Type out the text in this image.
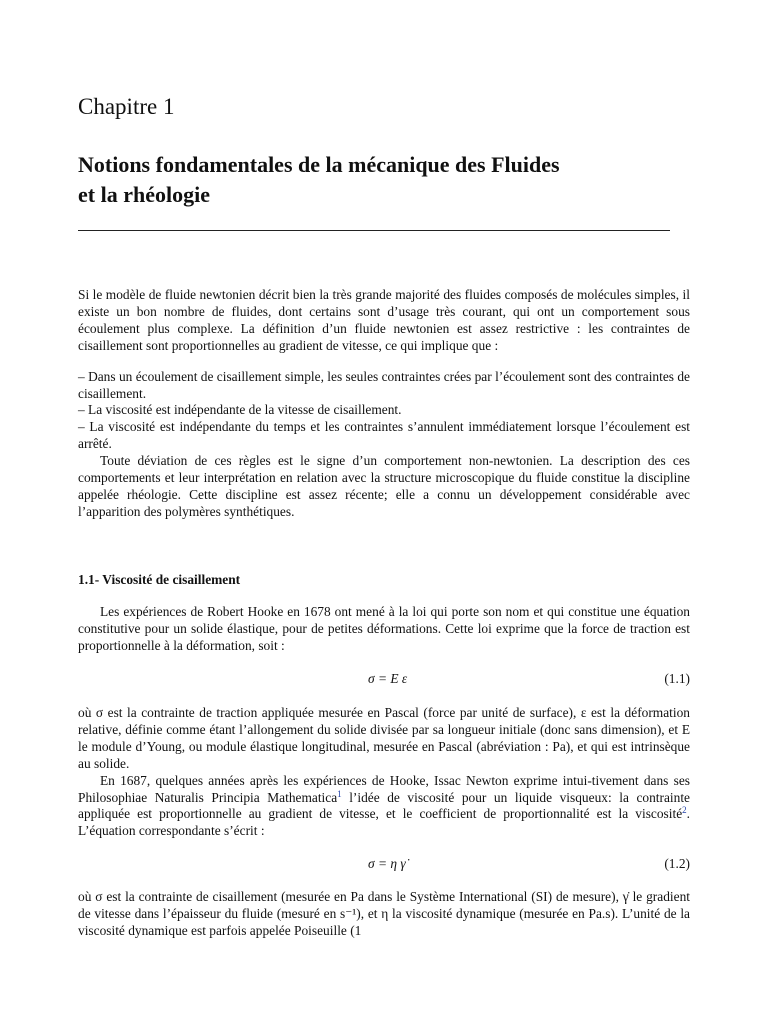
Chapitre 1
Notions fondamentales de la mécanique des Fluides
et la rhéologie

Si le modèle de fluide newtonien décrit bien la très grande majorité des fluides composés de molécules simples, il existe un bon nombre de fluides, dont certains sont d’usage très courant, qui ont un comportement sous écoulement plus complexe. La définition d’un fluide newtonien est assez restrictive : les contraintes de cisaillement sont proportionnelles au gradient de vitesse, ce qui implique que :

– Dans un écoulement de cisaillement simple, les seules contraintes crées par l’écoulement sont des contraintes de cisaillement.

– La viscosité est indépendante de la vitesse de cisaillement.

– La viscosité est indépendante du temps et les contraintes s’annulent immédiatement lorsque l’écoulement est arrêté.

Toute déviation de ces règles est le signe d’un comportement non-newtonien. La description des ces comportements et leur interprétation en relation avec la structure microscopique du fluide constitue la discipline appelée rhéologie. Cette discipline est assez récente; elle a connu un développement considérable avec l’apparition des polymères synthétiques.

1.1- Viscosité de cisaillement

Les expériences de Robert Hooke en 1678 ont mené à la loi qui porte son nom et qui constitue une équation constitutive pour un solide élastique, pour de petites déformations. Cette loi exprime que la force de traction est proportionnelle à la déformation, soit :

σ = E ε	(1.1)

où σ est la contrainte de traction appliquée mesurée en Pascal (force par unité de surface), ε est la déformation relative, définie comme étant l’allongement du solide divisée par sa longueur initiale (donc sans dimension), et E le module d’Young, ou module élastique longitudinal, mesurée en Pascal (abréviation : Pa), et qui est intrinsèque au solide.

En 1687, quelques années après les expériences de Hooke, Issac Newton exprime intui-tivement dans ses Philosophiae Naturalis Principia Mathematica$^1$ l’idée de viscosité pour un liquide visqueux: la contrainte appliquée est proportionnelle au gradient de vitesse, et le coefficient de proportionnalité est la viscosité$^2$. L’équation correspondante s’écrit :

σ = η γ̇	(1.2)

où σ est la contrainte de cisaillement (mesurée en Pa dans le Système International (SI) de mesure), γ̇ le gradient de vitesse dans l’épaisseur du fluide (mesuré en s⁻¹), et η la viscosité dynamique (mesurée en Pa.s). L’unité de la viscosité dynamique est parfois appelée Poiseuille (1
